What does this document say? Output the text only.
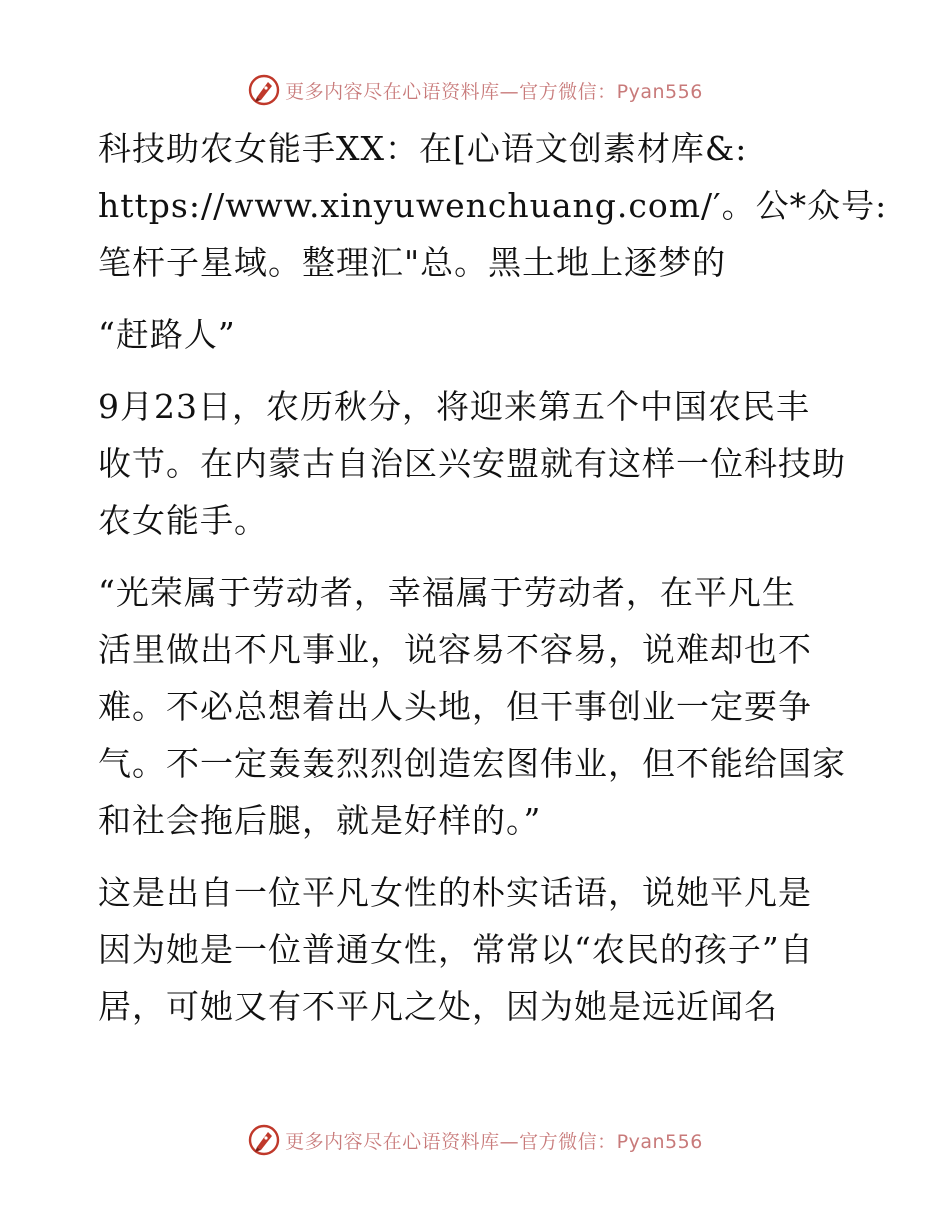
更多内容尽在心语资料库—官方微信：Pyan556

科技助农女能手XX：在[心语文创素材库&:
https://www.xinyuwenchuang.com/′。公*众号:
笔杆子星域。整理汇"总。黑土地上逐梦的

“赶路人”

9月23日，农历秋分，将迎来第五个中国农民丰
收节。在内蒙古自治区兴安盟就有这样一位科技助
农女能手。

“光荣属于劳动者，幸福属于劳动者，在平凡生
活里做出不凡事业，说容易不容易，说难却也不
难。不必总想着出人头地，但干事创业一定要争
气。不一定轰轰烈烈创造宏图伟业，但不能给国家
和社会拖后腿，就是好样的。”

这是出自一位平凡女性的朴实话语，说她平凡是
因为她是一位普通女性，常常以“农民的孩子”自
居，可她又有不平凡之处，因为她是远近闻名

更多内容尽在心语资料库—官方微信：Pyan556
